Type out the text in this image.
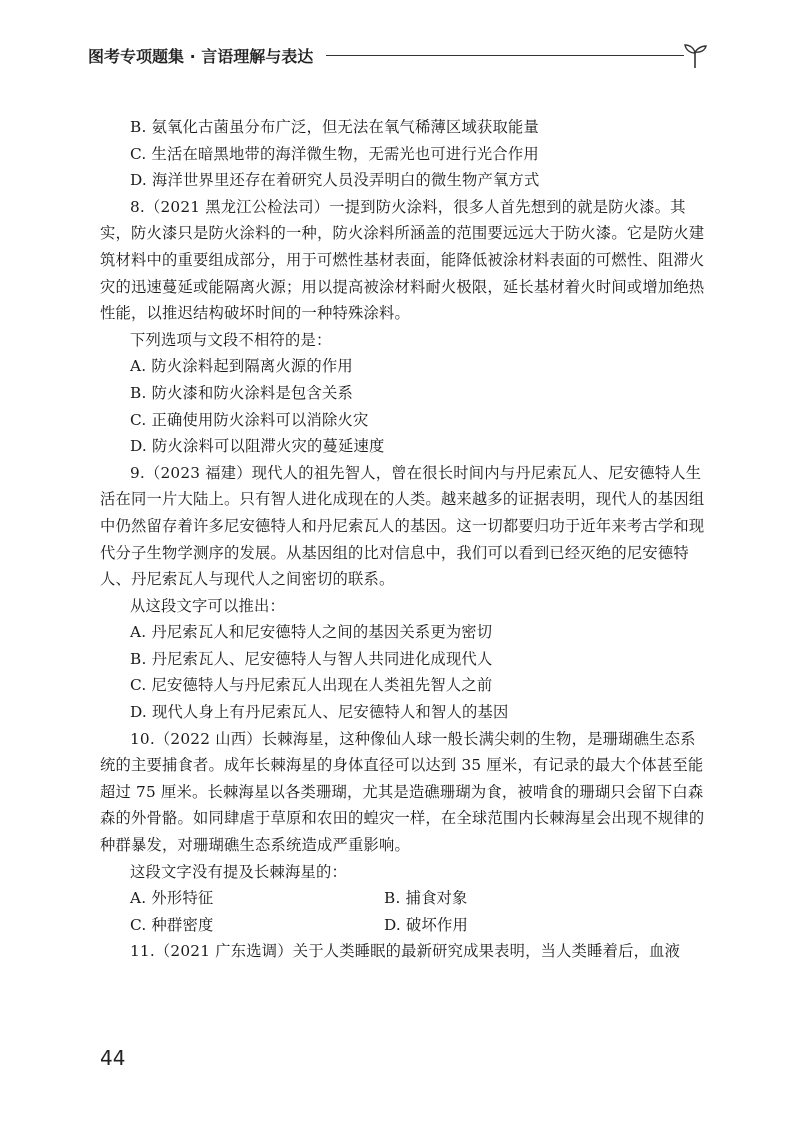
图考专项题集 · 言语理解与表达
B. 氨氧化古菌虽分布广泛，但无法在氧气稀薄区域获取能量
C. 生活在暗黑地带的海洋微生物，无需光也可进行光合作用
D. 海洋世界里还存在着研究人员没弄明白的微生物产氧方式

8.（2021 黑龙江公检法司）一提到防火涂料，很多人首先想到的就是防火漆。其实，防火漆只是防火涂料的一种，防火涂料所涵盖的范围要远远大于防火漆。它是防火建筑材料中的重要组成部分，用于可燃性基材表面，能降低被涂材料表面的可燃性、阻滞火灾的迅速蔓延或能隔离火源；用以提高被涂材料耐火极限，延长基材着火时间或增加绝热性能，以推迟结构破坏时间的一种特殊涂料。

下列选项与文段不相符的是：

A. 防火涂料起到隔离火源的作用
B. 防火漆和防火涂料是包含关系
C. 正确使用防火涂料可以消除火灾
D. 防火涂料可以阻滞火灾的蔓延速度

9.（2023 福建）现代人的祖先智人，曾在很长时间内与丹尼索瓦人、尼安德特人生活在同一片大陆上。只有智人进化成现在的人类。越来越多的证据表明，现代人的基因组中仍然留存着许多尼安德特人和丹尼索瓦人的基因。这一切都要归功于近年来考古学和现代分子生物学测序的发展。从基因组的比对信息中，我们可以看到已经灭绝的尼安德特人、丹尼索瓦人与现代人之间密切的联系。

从这段文字可以推出：

A. 丹尼索瓦人和尼安德特人之间的基因关系更为密切
B. 丹尼索瓦人、尼安德特人与智人共同进化成现代人
C. 尼安德特人与丹尼索瓦人出现在人类祖先智人之前
D. 现代人身上有丹尼索瓦人、尼安德特人和智人的基因

10.（2022 山西）长棘海星，这种像仙人球一般长满尖刺的生物，是珊瑚礁生态系统的主要捕食者。成年长棘海星的身体直径可以达到 35 厘米，有记录的最大个体甚至能超过 75 厘米。长棘海星以各类珊瑚，尤其是造礁珊瑚为食，被啃食的珊瑚只会留下白森森的外骨骼。如同肆虐于草原和农田的蝗灾一样，在全球范围内长棘海星会出现不规律的种群暴发，对珊瑚礁生态系统造成严重影响。

这段文字没有提及长棘海星的：

A. 外形特征	B. 捕食对象
C. 种群密度	D. 破坏作用

11.（2021 广东选调）关于人类睡眠的最新研究成果表明，当人类睡着后，血液

44
